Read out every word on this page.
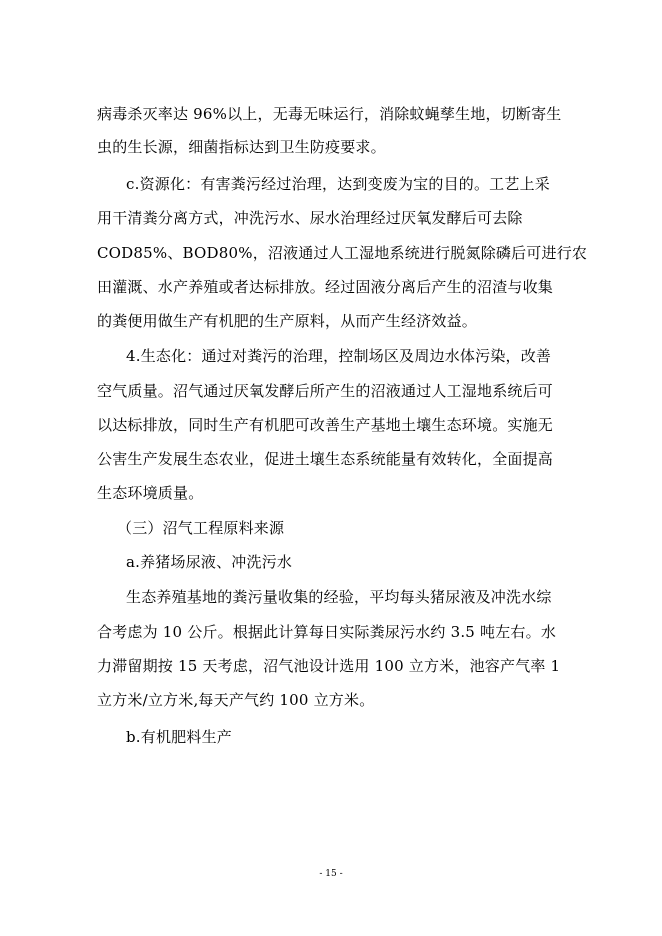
病毒杀灭率达 96%以上，无毒无味运行，消除蚊蝇孳生地，切断寄生
虫的生长源，细菌指标达到卫生防疫要求。
c.资源化：有害粪污经过治理，达到变废为宝的目的。工艺上采
用干清粪分离方式，冲洗污水、尿水治理经过厌氧发酵后可去除
COD85%、BOD80%，沼液通过人工湿地系统进行脱氮除磷后可进行农
田灌溉、水产养殖或者达标排放。经过固液分离后产生的沼渣与收集
的粪便用做生产有机肥的生产原料，从而产生经济效益。
4.生态化：通过对粪污的治理，控制场区及周边水体污染，改善
空气质量。沼气通过厌氧发酵后所产生的沼液通过人工湿地系统后可
以达标排放，同时生产有机肥可改善生产基地土壤生态环境。实施无
公害生产发展生态农业，促进土壤生态系统能量有效转化，全面提高
生态环境质量。
（三）沼气工程原料来源
a.养猪场尿液、冲洗污水
生态养殖基地的粪污量收集的经验，平均每头猪尿液及冲洗水综
合考虑为 10 公斤。根据此计算每日实际粪尿污水约 3.5 吨左右。水
力滞留期按 15 天考虑，沼气池设计选用 100 立方米，池容产气率 1
立方米/立方米,每天产气约 100 立方米。
b.有机肥料生产
- 15 -
